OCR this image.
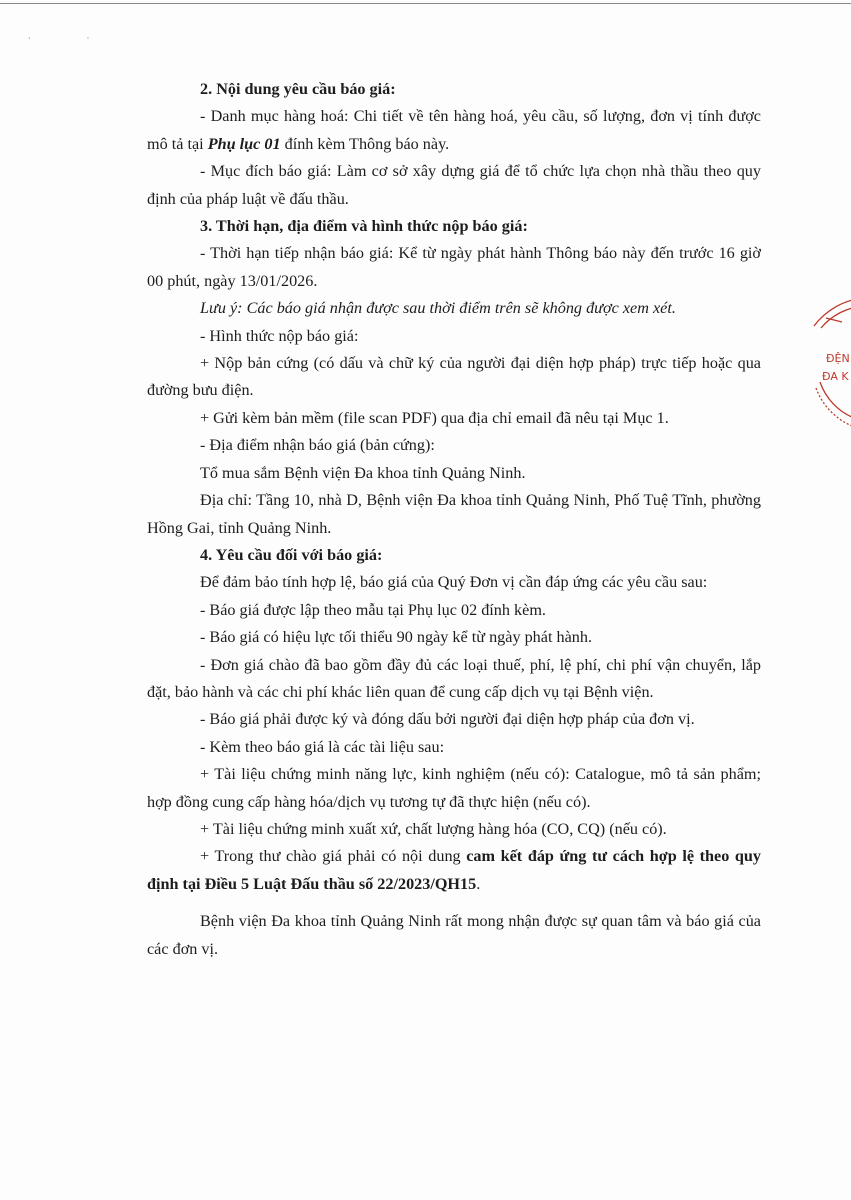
·                            ·

2. Nội dung yêu cầu báo giá:

- Danh mục hàng hoá: Chi tiết về tên hàng hoá, yêu cầu, số lượng, đơn vị tính được mô tả tại Phụ lục 01 đính kèm Thông báo này.

- Mục đích báo giá: Làm cơ sở xây dựng giá để tổ chức lựa chọn nhà thầu theo quy định của pháp luật về đấu thầu.

3. Thời hạn, địa điểm và hình thức nộp báo giá:

- Thời hạn tiếp nhận báo giá: Kể từ ngày phát hành Thông báo này đến trước 16 giờ 00 phút, ngày 13/01/2026.

Lưu ý: Các báo giá nhận được sau thời điểm trên sẽ không được xem xét.

- Hình thức nộp báo giá:

+ Nộp bản cứng (có dấu và chữ ký của người đại diện hợp pháp) trực tiếp hoặc qua đường bưu điện.

+ Gửi kèm bản mềm (file scan PDF) qua địa chỉ email đã nêu tại Mục 1.

- Địa điểm nhận báo giá (bản cứng):

Tổ mua sắm Bệnh viện Đa khoa tỉnh Quảng Ninh.

Địa chỉ: Tầng 10, nhà D, Bệnh viện Đa khoa tỉnh Quảng Ninh, Phố Tuệ Tĩnh, phường Hồng Gai, tỉnh Quảng Ninh.

4. Yêu cầu đối với báo giá:

Để đảm bảo tính hợp lệ, báo giá của Quý Đơn vị cần đáp ứng các yêu cầu sau:

- Báo giá được lập theo mẫu tại Phụ lục 02 đính kèm.

- Báo giá có hiệu lực tối thiểu 90 ngày kể từ ngày phát hành.

- Đơn giá chào đã bao gồm đầy đủ các loại thuế, phí, lệ phí, chi phí vận chuyển, lắp đặt, bảo hành và các chi phí khác liên quan để cung cấp dịch vụ tại Bệnh viện.

- Báo giá phải được ký và đóng dấu bởi người đại diện hợp pháp của đơn vị.

- Kèm theo báo giá là các tài liệu sau:

+ Tài liệu chứng minh năng lực, kinh nghiệm (nếu có): Catalogue, mô tả sản phẩm; hợp đồng cung cấp hàng hóa/dịch vụ tương tự đã thực hiện (nếu có).

+ Tài liệu chứng minh xuất xứ, chất lượng hàng hóa (CO, CQ) (nếu có).

+ Trong thư chào giá phải có nội dung cam kết đáp ứng tư cách hợp lệ theo quy định tại Điều 5 Luật Đấu thầu số 22/2023/QH15.

Bệnh viện Đa khoa tỉnh Quảng Ninh rất mong nhận được sự quan tâm và báo giá của các đơn vị.

ĐỆN
ĐA K
